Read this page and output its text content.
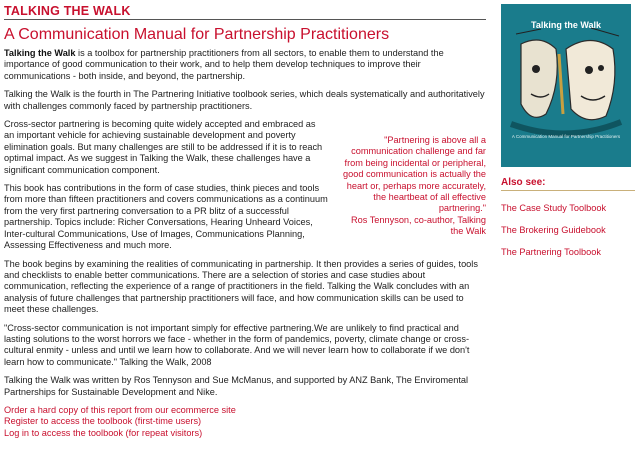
TALKING THE WALK
A Communication Manual for Partnership Practitioners

Talking the Walk is a toolbox for partnership practitioners from all sectors, to enable them to understand the importance of good communication to their work, and to help them develop techniques to improve their communications - both inside, and beyond, the partnership.

Talking the Walk is the fourth in The Partnering Initiative toolbook series, which deals systematically and authoritatively with challenges commonly faced by partnership practitioners.

"Partnering is above all a communication challenge and far from being incidental or peripheral, good communication is actually the heart or, perhaps more accurately, the heartbeat of all effective partnering."
Ros Tennyson, co-author, Talking the Walk

Cross-sector partnering is becoming quite widely accepted and embraced as an important vehicle for achieving sustainable development and poverty elimination goals. But many challenges are still to be addressed if it is to reach optimal impact. As we suggest in Talking the Walk, these challenges have a significant communication component.

This book has contributions in the form of case studies, think pieces and tools from more than fifteen practitioners and covers communications as a continuum from the very first partnering conversation to a PR blitz of a successful partnership. Topics include: Richer Conversations, Hearing Unheard Voices, Inter-cultural Communications, Use of Images, Communications Planning, Assessing Effectiveness and much more.

The book begins by examining the realities of communicating in partnership. It then provides a series of guides, tools and checklists to enable better communications. There are a selection of stories and case studies about communication, reflecting the experience of a range of practitioners in the field. Talking the Walk concludes with an analysis of future challenges that partnership practitioners will face, and how communication skills can be used to meet these challenges.

"Cross-sector communication is not important simply for effective partnering.We are unlikely to find practical and lasting solutions to the worst horrors we face - whether in the form of pandemics, poverty, climate change or cross-cultural enmity - unless and until we learn how to collaborate. And we will never learn how to collaborate if we don't learn how to communicate." Talking the Walk, 2008

Talking the Walk was written by Ros Tennyson and Sue McManus, and supported by ANZ Bank, The Enviromental Partnerships for Sustainable Development and Nike.

Order a hard copy of this report from our ecommerce site
Register to access the toolbook (first-time users)
Log in to access the toolbook (for repeat visitors)
Talking the Walk
A Communication Manual for Partnership Practitioners
Also see:
The Case Study Toolbook
The Brokering Guidebook
The Partnering Toolbook
